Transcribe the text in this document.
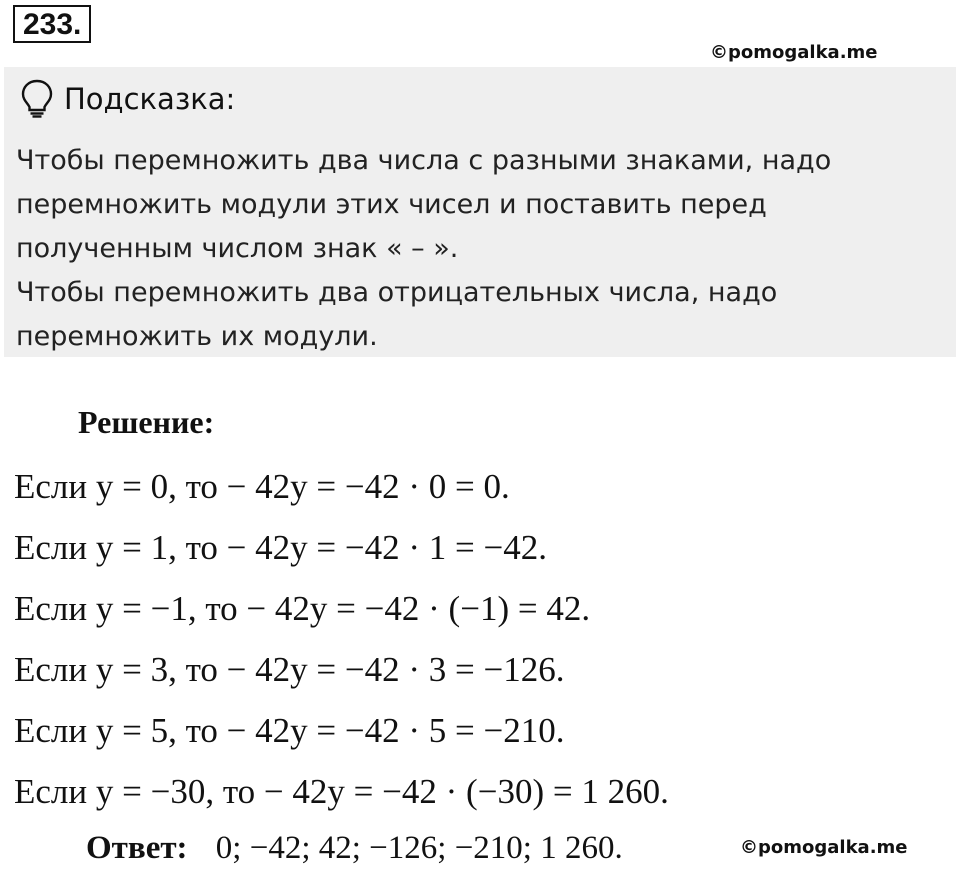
233.
©pomogalka.me
Подсказка:

Чтобы перемножить два числа с разными знаками, надо перемножить модули этих чисел и поставить перед полученным числом знак « – ».

Чтобы перемножить два отрицательных числа, надо перемножить их модули.

Решение:
Если y = 0, то − 42y = −42 · 0 = 0.
Если y = 1, то − 42y = −42 · 1 = −42.
Если y = −1, то − 42y = −42 · (−1) = 42.
Если y = 3, то − 42y = −42 · 3 = −126.
Если y = 5, то − 42y = −42 · 5 = −210.
Если y = −30, то − 42y = −42 · (−30) = 1 260.
Ответ: 0; −42; 42; −126; −210; 1 260.	©pomogalka.me
